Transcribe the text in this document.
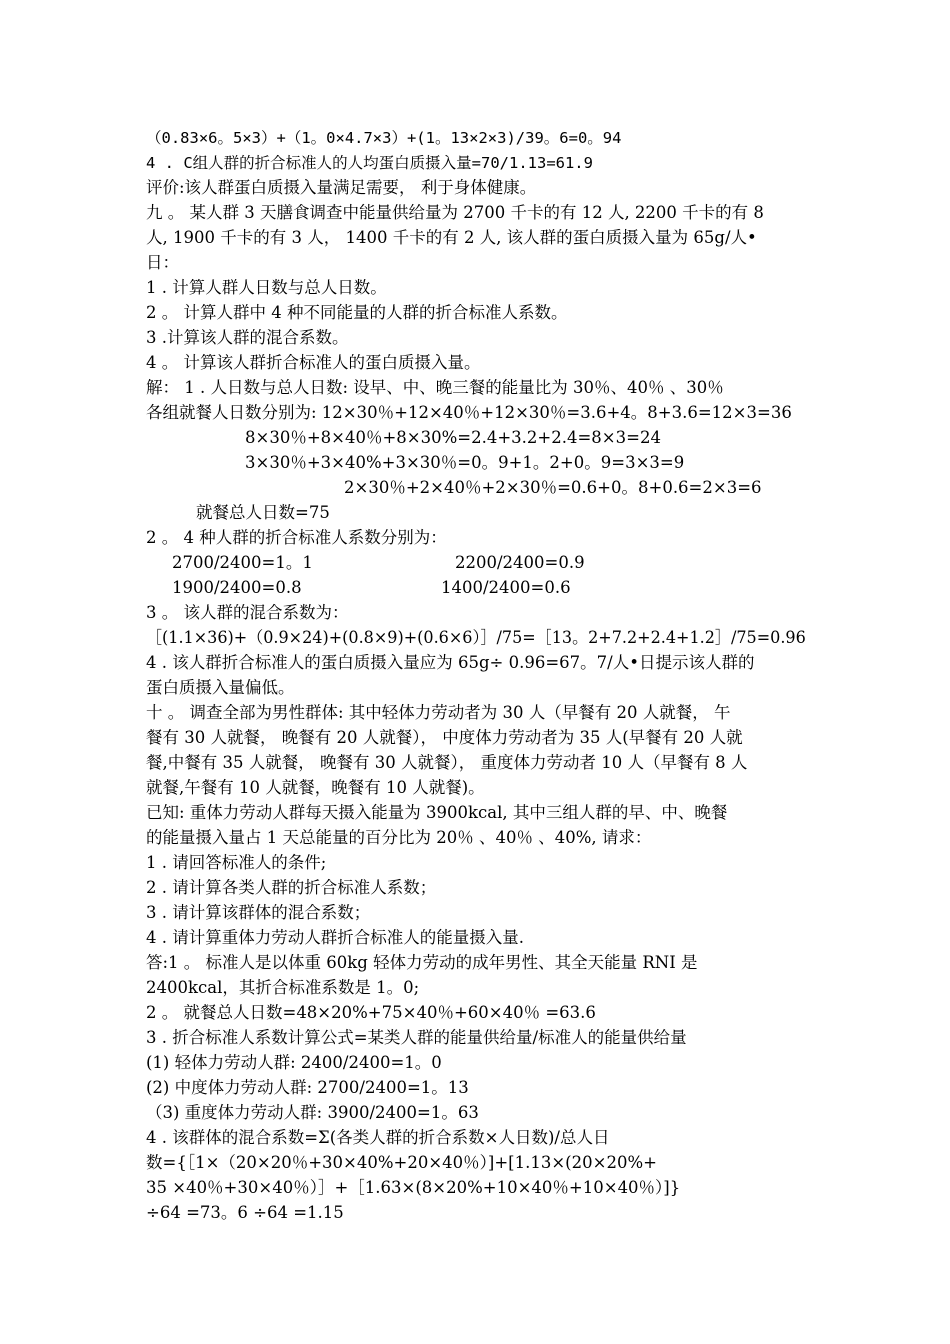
（0.83×6。5×3）+（1。0×4.7×3）+(1。13×2×3)/39。6=0。94
4 . C组人群的折合标准人的人均蛋白质摄入量=70/1.13=61.9
评价:该人群蛋白质摄入量满足需要， 利于身体健康。
九 。 某人群 3 天膳食调查中能量供给量为 2700 千卡的有 12 人, 2200 千卡的有 8
人, 1900 千卡的有 3 人， 1400 千卡的有 2 人, 该人群的蛋白质摄入量为 65g/人•
日：
1 . 计算人群人日数与总人日数。
2 。 计算人群中 4 种不同能量的人群的折合标准人系数。
3 .计算该人群的混合系数。
4 。 计算该人群折合标准人的蛋白质摄入量。
解： 1 . 人日数与总人日数: 设早、中、晚三餐的能量比为 30％、40％ 、30％
各组就餐人日数分别为: 12×30％+12×40％+12×30％=3.6+4。8+3.6=12×3=36
8×30％+8×40％+8×30%=2.4+3.2+2.4=8×3=24
3×30％+3×40%+3×30％=0。9+1。2+0。9=3×3=9
2×30％+2×40％+2×30％=0.6+0。8+0.6=2×3=6
就餐总人日数=75
2 。 4 种人群的折合标准人系数分别为：
2700/2400=1。1	2200/2400=0.9
1900/2400=0.8	1400/2400=0.6
3 。 该人群的混合系数为：
［(1.1×36)+（0.9×24)+(0.8×9)+(0.6×6）］/75=［13。2+7.2+2.4+1.2］/75=0.96
4 . 该人群折合标准人的蛋白质摄入量应为 65g÷ 0.96=67。7/人•日提示该人群的
蛋白质摄入量偏低。
十 。 调查全部为男性群体: 其中轻体力劳动者为 30 人（早餐有 20 人就餐， 午
餐有 30 人就餐， 晚餐有 20 人就餐）， 中度体力劳动者为 35 人(早餐有 20 人就
餐,中餐有 35 人就餐， 晚餐有 30 人就餐）， 重度体力劳动者 10 人（早餐有 8 人
就餐,午餐有 10 人就餐，晚餐有 10 人就餐)。
已知: 重体力劳动人群每天摄入能量为 3900kcal, 其中三组人群的早、中、晚餐
的能量摄入量占 1 天总能量的百分比为 20％ 、40％ 、40%, 请求：
1 . 请回答标准人的条件;
2 . 请计算各类人群的折合标准人系数；
3 . 请计算该群体的混合系数；
4 . 请计算重体力劳动人群折合标准人的能量摄入量.
答:1 。 标准人是以体重 60kg 轻体力劳动的成年男性、其全天能量 RNI 是
2400kcal，其折合标准系数是 1。0;
2 。 就餐总人日数=48×20%+75×40％+60×40％ =63.6
3 . 折合标准人系数计算公式=某类人群的能量供给量/标准人的能量供给量
(1) 轻体力劳动人群: 2400/2400=1。0
(2) 中度体力劳动人群: 2700/2400=1。13
（3) 重度体力劳动人群: 3900/2400=1。63
4 . 该群体的混合系数=Σ(各类人群的折合系数×人日数)/总人日
数={［1×（20×20％+30×40%+20×40％）]+[1.13×(20×20%+
35 ×40％+30×40％）］+［1.63×(8×20%+10×40％+10×40％）]}
÷64 =73。6 ÷64 =1.15
